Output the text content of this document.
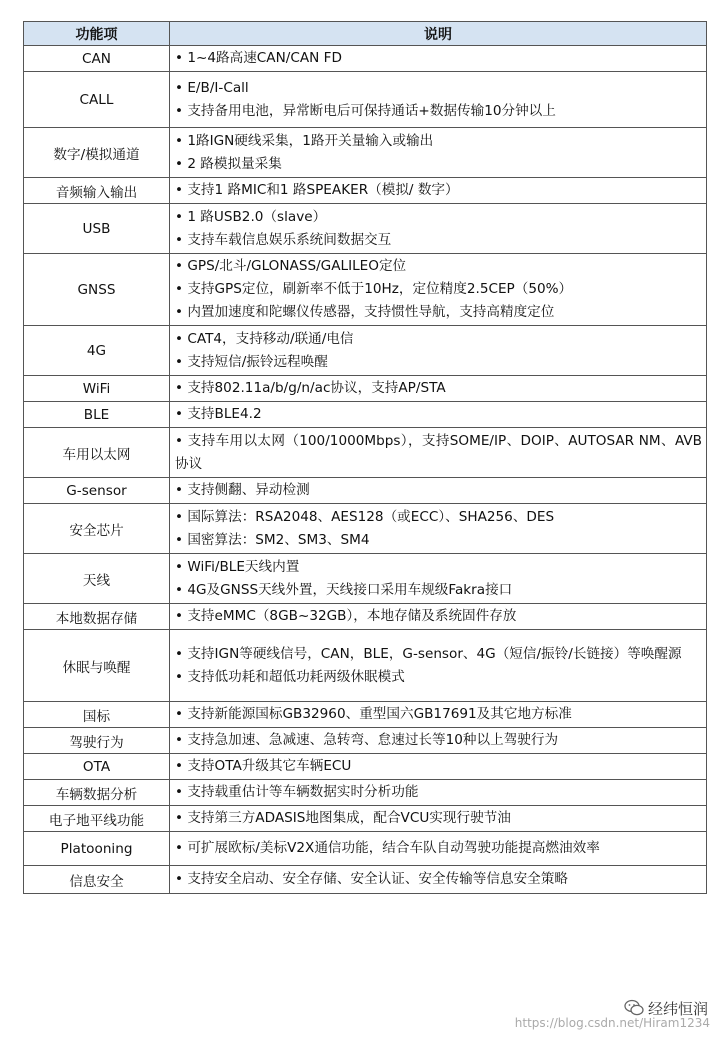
功能项	说明
CAN	• 1~4路高速CAN/CAN FD

CALL	• E/B/I-Call
• 支持备用电池，异常断电后可保持通话+数据传输10分钟以上

数字/模拟通道	• 1路IGN硬线采集，1路开关量输入或输出
• 2 路模拟量采集

音频输入输出	• 支持1 路MIC和1 路SPEAKER（模拟/ 数字）

USB	• 1 路USB2.0（slave）
• 支持车载信息娱乐系统间数据交互

GNSS	• GPS/北斗/GLONASS/GALILEO定位
• 支持GPS定位，刷新率不低于10Hz，定位精度2.5CEP（50%）
• 内置加速度和陀螺仪传感器，支持惯性导航，支持高精度定位

4G	• CAT4，支持移动/联通/电信
• 支持短信/振铃远程唤醒

WiFi	• 支持802.11a/b/g/n/ac协议，支持AP/STA

BLE	• 支持BLE4.2

车用以太网	• 支持车用以太网（100/1000Mbps），支持SOME/IP、DOIP、AUTOSAR NM、AVB协议

G-sensor	• 支持侧翻、异动检测

安全芯片	• 国际算法：RSA2048、AES128（或ECC）、SHA256、DES
• 国密算法：SM2、SM3、SM4

天线	• WiFi/BLE天线内置
• 4G及GNSS天线外置，天线接口采用车规级Fakra接口

本地数据存储	• 支持eMMC（8GB~32GB），本地存储及系统固件存放

休眠与唤醒	• 支持IGN等硬线信号，CAN，BLE，G-sensor、4G（短信/振铃/长链接）等唤醒源
• 支持低功耗和超低功耗两级休眠模式

国标	• 支持新能源国标GB32960、重型国六GB17691及其它地方标准

驾驶行为	• 支持急加速、急减速、急转弯、怠速过长等10种以上驾驶行为

OTA	• 支持OTA升级其它车辆ECU

车辆数据分析	• 支持载重估计等车辆数据实时分析功能

电子地平线功能	• 支持第三方ADASIS地图集成，配合VCU实现行驶节油

Platooning	• 可扩展欧标/美标V2X通信功能，结合车队自动驾驶功能提高燃油效率

信息安全	• 支持安全启动、安全存储、安全认证、安全传输等信息安全策略
经纬恒润
https://blog.csdn.net/Hiram1234
